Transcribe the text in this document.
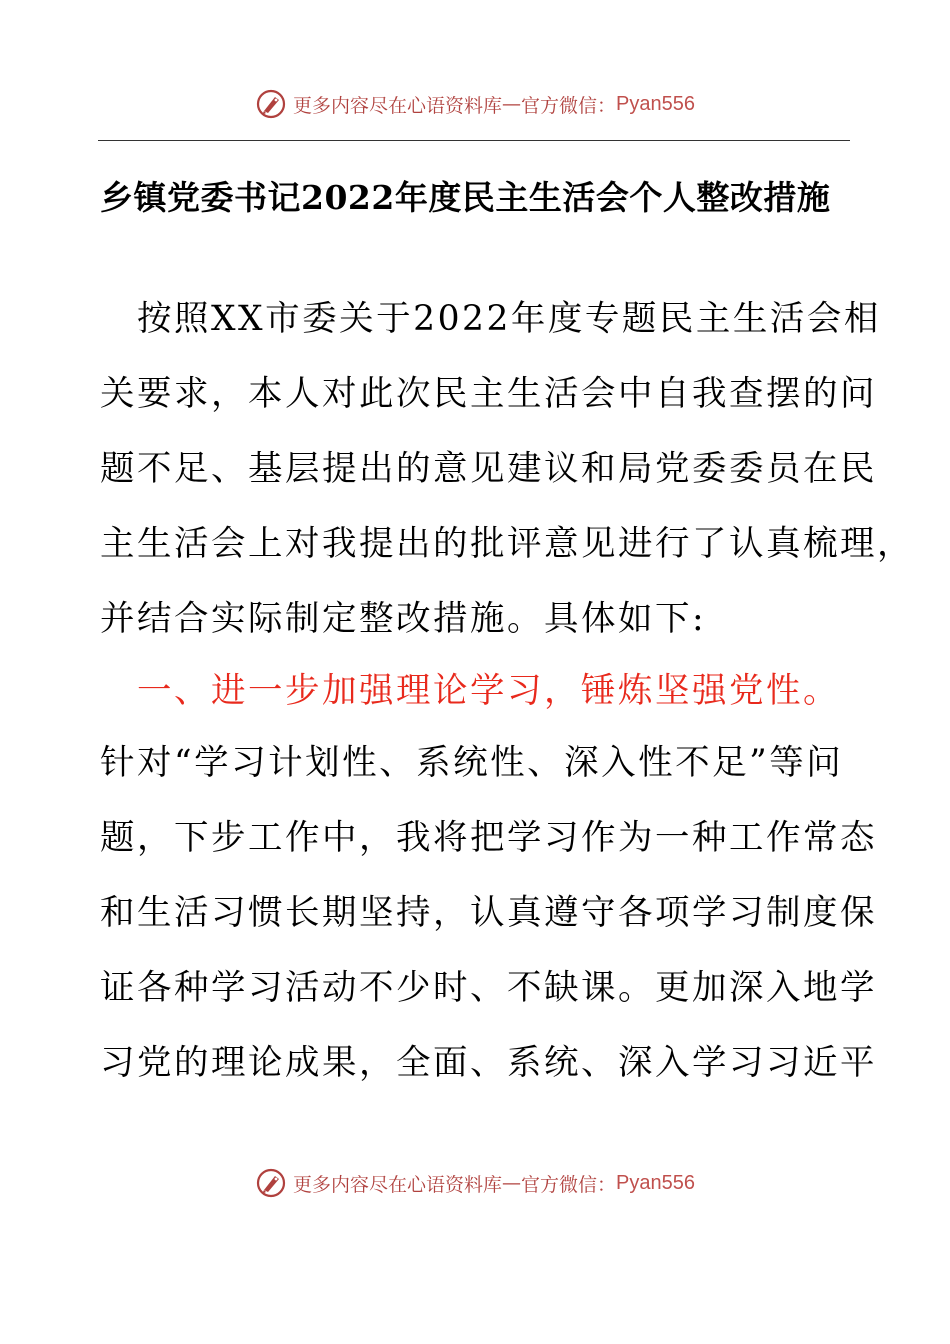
更多内容尽在心语资料库 — 官方微信： Pyan556
乡镇党委书记2022年度民主生活会个人整改措施
　按照XX市委关于2022年度专题民主生活会相
关要求，本人对此次民主生活会中自我查摆的问
题不足、基层提出的意见建议和局党委委员在民
主生活会上对我提出的批评意见进行了认真梳理，
并结合实际制定整改措施。具体如下:
　一、进一步加强理论学习，锤炼坚强党性。
针对“学习计划性、系统性、深入性不足”等问
题，下步工作中，我将把学习作为一种工作常态
和生活习惯长期坚持，认真遵守各项学习制度保
证各种学习活动不少时、不缺课。更加深入地学
习党的理论成果，全面、系统、深入学习习近平
更多内容尽在心语资料库 — 官方微信： Pyan556
